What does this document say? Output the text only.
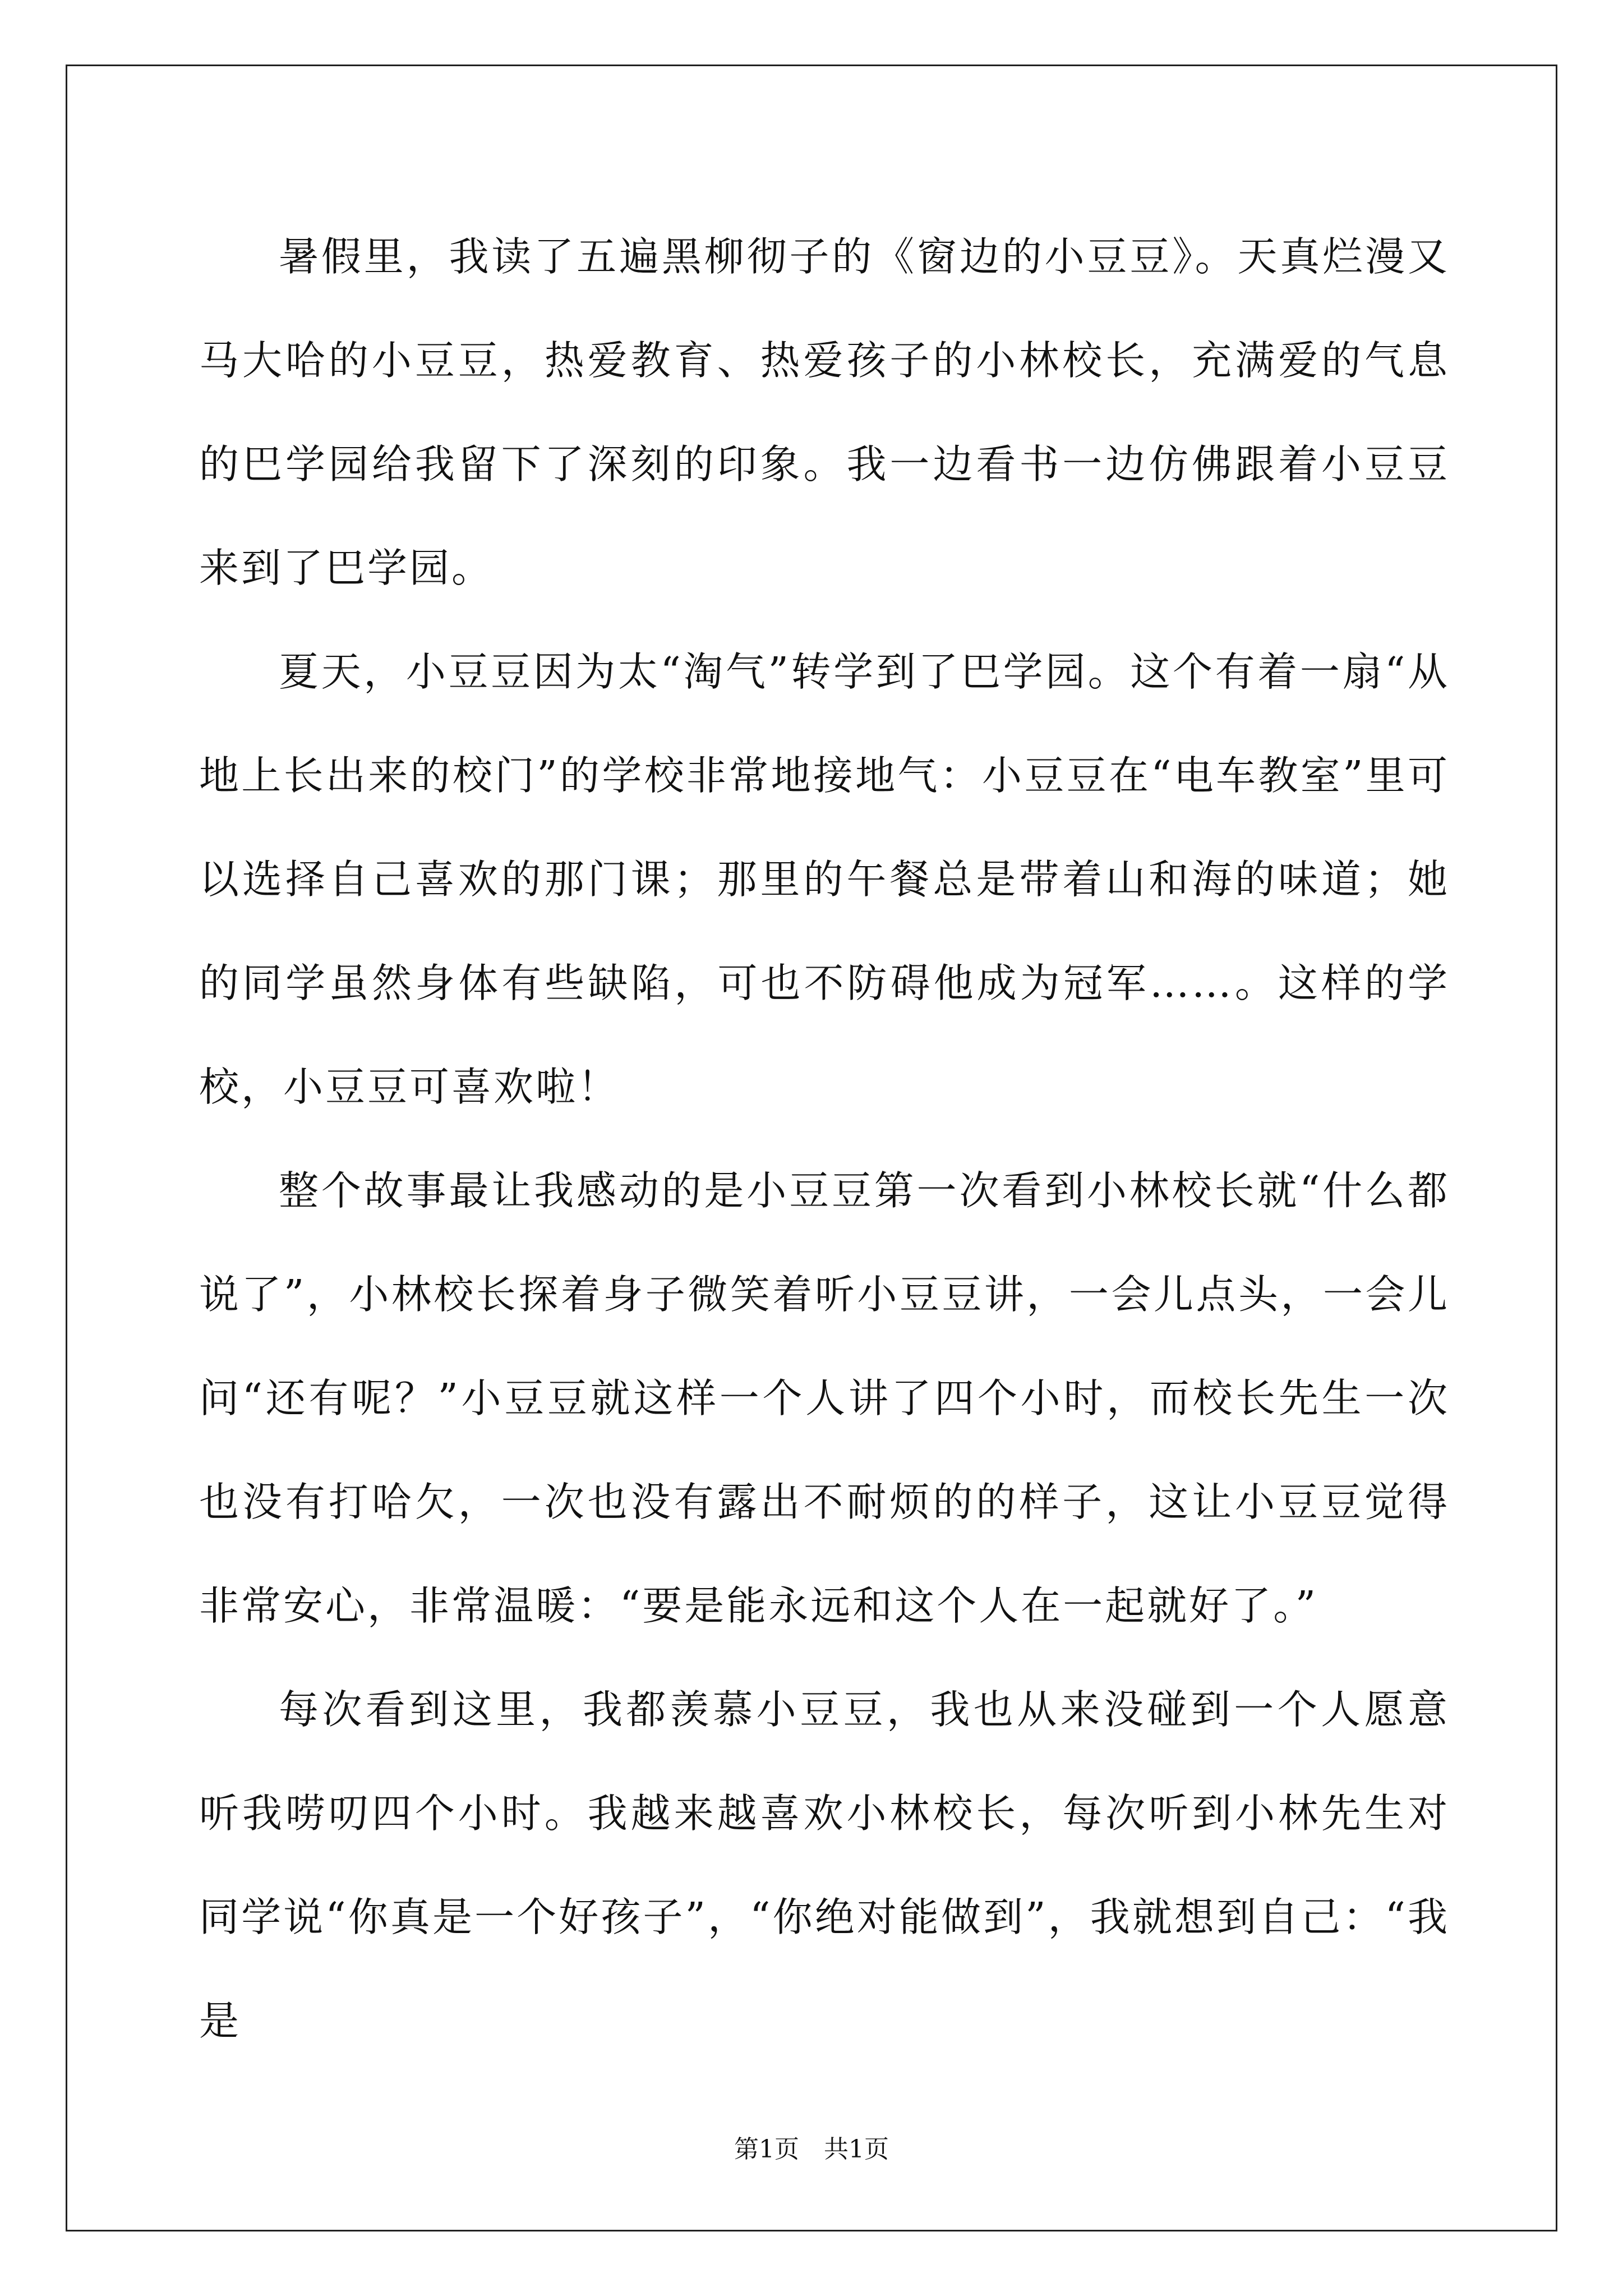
暑假里，我读了五遍黑柳彻子的《窗边的小豆豆》。天真烂漫又马大哈的小豆豆，热爱教育、热爱孩子的小林校长，充满爱的气息的巴学园给我留下了深刻的印象。我一边看书一边仿佛跟着小豆豆来到了巴学园。

夏天，小豆豆因为太“淘气”转学到了巴学园。这个有着一扇“从地上长出来的校门”的学校非常地接地气：小豆豆在“电车教室”里可以选择自己喜欢的那门课；那里的午餐总是带着山和海的味道；她的同学虽然身体有些缺陷，可也不防碍他成为冠军……。这样的学校，小豆豆可喜欢啦！

整个故事最让我感动的是小豆豆第一次看到小林校长就“什么都说了”，小林校长探着身子微笑着听小豆豆讲，一会儿点头，一会儿问“还有呢？”小豆豆就这样一个人讲了四个小时，而校长先生一次也没有打哈欠，一次也没有露出不耐烦的的样子，这让小豆豆觉得非常安心，非常温暖：“要是能永远和这个人在一起就好了。”

每次看到这里，我都羡慕小豆豆，我也从来没碰到一个人愿意听我唠叨四个小时。我越来越喜欢小林校长，每次听到小林先生对同学说“你真是一个好孩子”，“你绝对能做到”，我就想到自己：“我是

第1页 共1页
